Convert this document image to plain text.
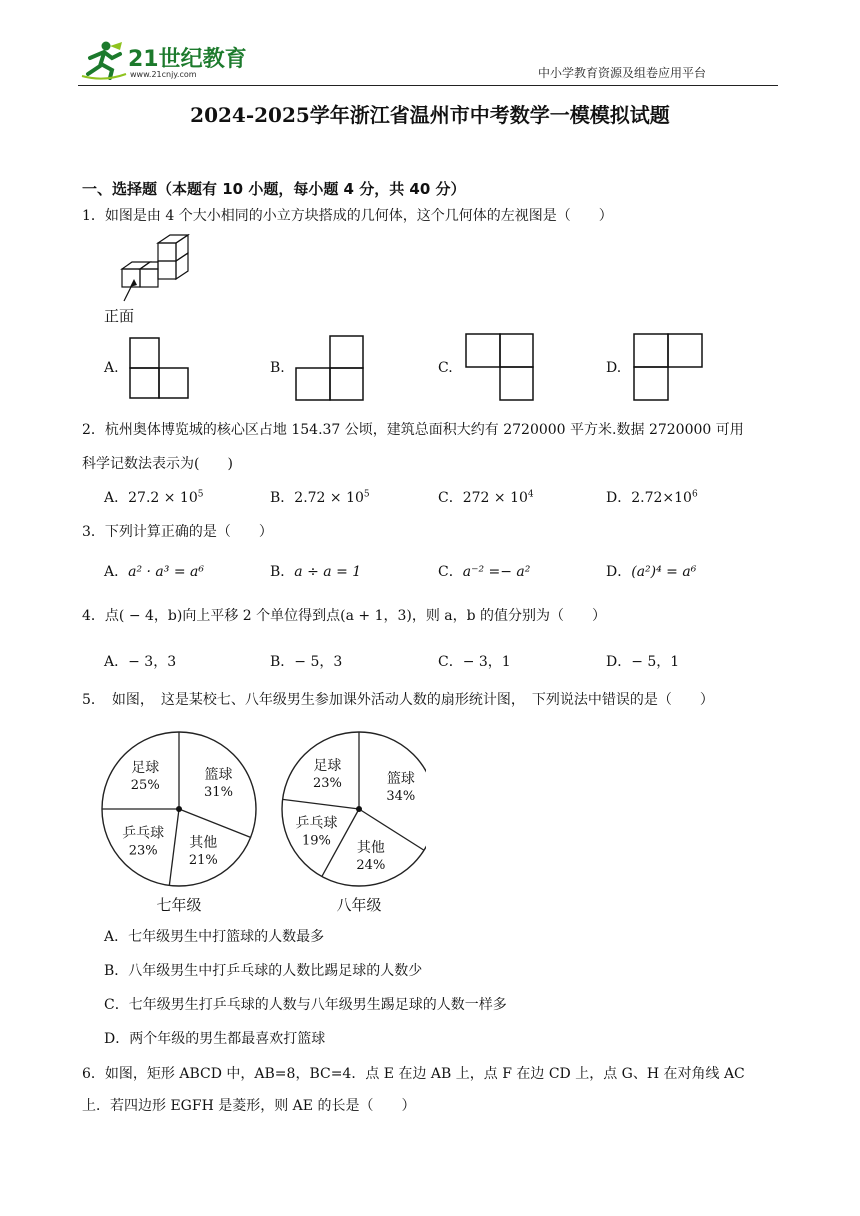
21世纪教育
www.21cnjy.com	中小学教育资源及组卷应用平台
2024-2025学年浙江省温州市中考数学一模模拟试题
一、选择题（本题有 10 小题，每小题 4 分，共 40 分）
1．如图是由 4 个大小相同的小立方块搭成的几何体，这个几何体的左视图是（　　）
正面
A.	B.	C.	D.
2．杭州奥体博览城的核心区占地 154.37 公顷，建筑总面积大约有 2720000 平方米.数据 2720000 可用
科学记数法表示为(　　)
A．$27.2 \times 10^5$	B．$2.72 \times 10^5$	C．$272 \times 10^4$	D．$2.72\times 10^6$
3．下列计算正确的是（　　）
A．a² · a³ = a⁶	B．a ÷ a = 1	C．a⁻² =− a²	D．(a²)⁴ = a⁶
4．点( − 4，b)向上平移 2 个单位得到点(a + 1，3)，则 a，b 的值分别为（　　）
A．− 3，3	B．− 5，3	C．− 3，1	D．− 5，1
5．　如图，　这是某校七、八年级男生参加课外活动人数的扇形统计图，　下列说法中错误的是（　　）
篮球
31%
其他
21%
乒乓球
23%
足球
25%
七年级
篮球
34%
其他
24%
乒乓球
19%
足球
23%
八年级
A．七年级男生中打篮球的人数最多
B．八年级男生中打乒乓球的人数比踢足球的人数少
C．七年级男生打乒乓球的人数与八年级男生踢足球的人数一样多
D．两个年级的男生都最喜欢打篮球
6．如图，矩形 ABCD 中，AB=8，BC=4．点 E 在边 AB 上，点 F 在边 CD 上，点 G、H 在对角线 AC
上．若四边形 EGFH 是菱形，则 AE 的长是（　　）
